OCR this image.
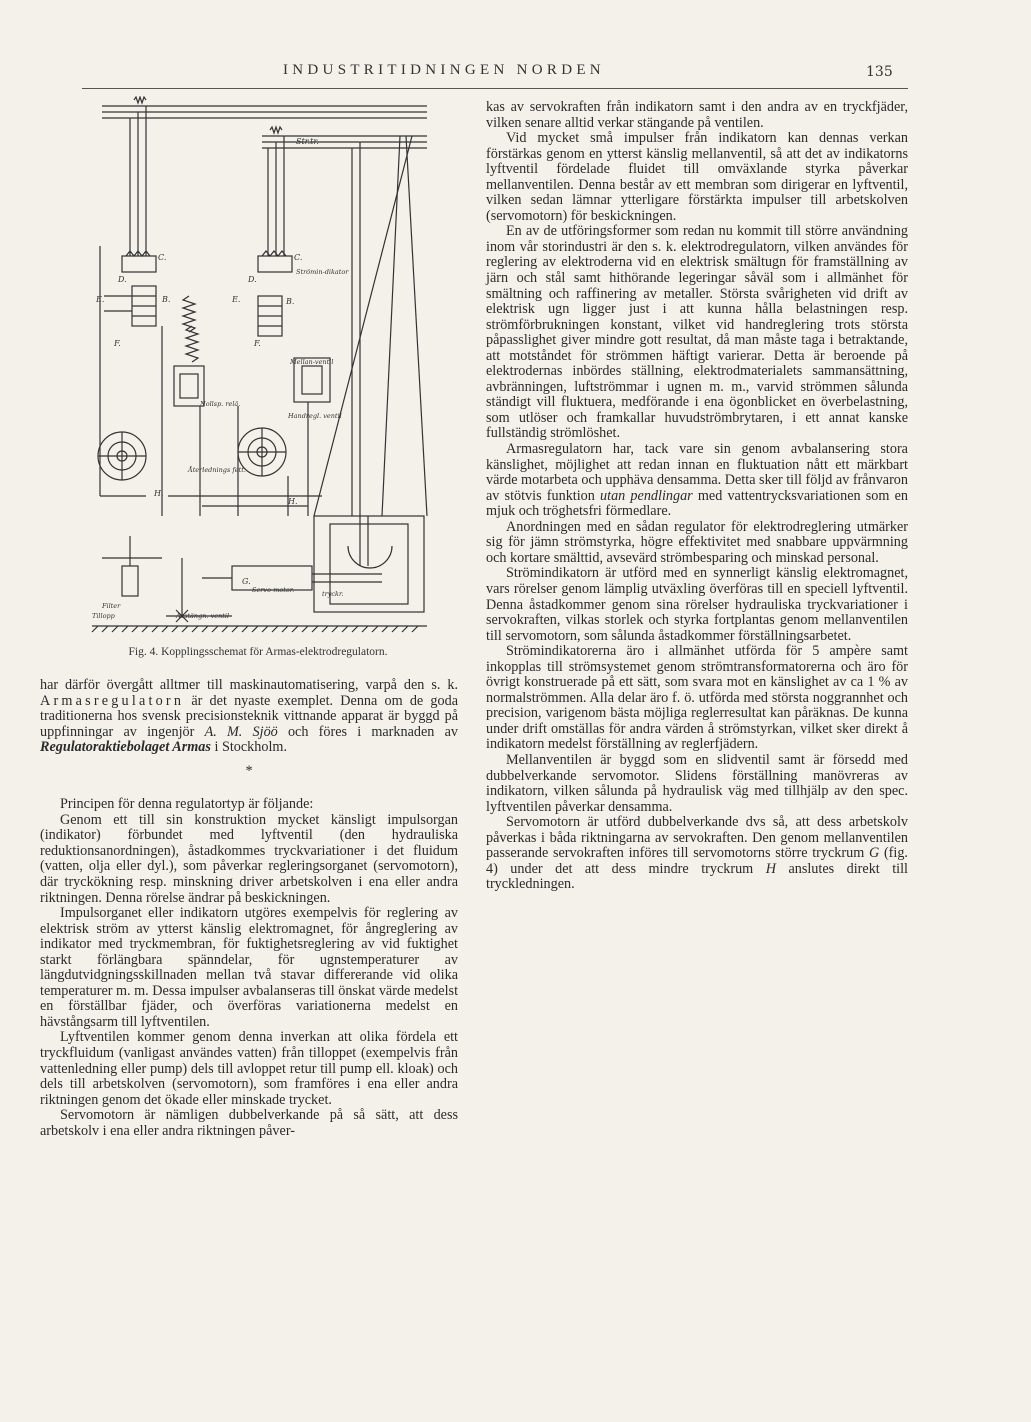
INDUSTRITIDNINGEN NORDEN	135
Str.tr.
C.	C.
Strömin-dikator
D.	D.
E.	E.
B.	B.
F.	F.
Mellan-ventil
Nollsp. relä.
Handregl. ventil
Återlednings fett.
H.
H.
G.
Servo-motor.
Filter
Tillopp	Avstängn. ventil
tryckr.
Fig. 4. Kopplingsschemat för Armas-elektrodregulatorn.

har därför övergått alltmer till maskinautomatisering, varpå den s. k. Armasregulatorn är det nyaste exemplet. Denna om de goda traditionerna hos svensk precisionsteknik vittnande apparat är byggd på uppfinningar av ingenjör A. M. Sjöö och föres i marknaden av Regulatoraktiebolaget Armas i Stockholm.

*

Principen för denna regulatortyp är följande:

Genom ett till sin konstruktion mycket känsligt impulsorgan (indikator) förbundet med lyftventil (den hydrauliska reduktionsanordningen), åstadkommes tryckvariationer i det fluidum (vatten, olja eller dyl.), som påverkar regleringsorganet (servomotorn), där tryckökning resp. minskning driver arbetskolven i ena eller andra riktningen. Denna rörelse ändrar på beskickningen.

Impulsorganet eller indikatorn utgöres exempelvis för reglering av elektrisk ström av ytterst känslig elektromagnet, för ångreglering av indikator med tryckmembran, för fuktighetsreglering av vid fuktighet starkt förlängbara spänndelar, för ugnstemperaturer av längdutvidgningsskillnaden mellan två stavar differerande vid olika temperaturer m. m. Dessa impulser avbalanseras till önskat värde medelst en förställbar fjäder, och överföras variationerna medelst en hävstångsarm till lyftventilen.

Lyftventilen kommer genom denna inverkan att olika fördela ett tryckfluidum (vanligast användes vatten) från tilloppet (exempelvis från vattenledning eller pump) dels till avloppet retur till pump ell. kloak) och dels till arbetskolven (servomotorn), som framföres i ena eller andra riktningen genom det ökade eller minskade trycket.

Servomotorn är nämligen dubbelverkande på så sätt, att dess arbetskolv i ena eller andra riktningen påver-

kas av servokraften från indikatorn samt i den andra av en tryckfjäder, vilken senare alltid verkar stängande på ventilen.

Vid mycket små impulser från indikatorn kan dennas verkan förstärkas genom en ytterst känslig mellanventil, så att det av indikatorns lyftventil fördelade fluidet till omväxlande styrka påverkar mellanventilen. Denna består av ett membran som dirigerar en lyftventil, vilken sedan lämnar ytterligare förstärkta impulser till arbetskolven (servomotorn) för beskickningen.

En av de utföringsformer som redan nu kommit till större användning inom vår storindustri är den s. k. elektrodregulatorn, vilken användes för reglering av elektroderna vid en elektrisk smältugn för framställning av järn och stål samt hithörande legeringar såväl som i allmänhet för smältning och raffinering av metaller. Största svårigheten vid drift av elektrisk ugn ligger just i att kunna hålla belastningen resp. strömförbrukningen konstant, vilket vid handreglering trots största påpasslighet giver mindre gott resultat, då man måste taga i betraktande, att motståndet för strömmen häftigt varierar. Detta är beroende på elektrodernas inbördes ställning, elektrodmaterialets sammansättning, avbränningen, luftströmmar i ugnen m. m., varvid strömmen sålunda ständigt vill fluktuera, medförande i ena ögonblicket en överbelastning, som utlöser och framkallar huvudströmbrytaren, i ett annat kanske fullständig strömlöshet.

Armasregulatorn har, tack vare sin genom avbalansering stora känslighet, möjlighet att redan innan en fluktuation nått ett märkbart värde motarbeta och upphäva densamma. Detta sker till följd av frånvaron av stötvis funktion utan pendlingar med vattentrycksvariationen som en mjuk och tröghetsfri förmedlare.

Anordningen med en sådan regulator för elektrodreglering utmärker sig för jämn strömstyrka, högre effektivitet med snabbare uppvärmning och kortare smälttid, avsevärd strömbesparing och minskad personal.

Strömindikatorn är utförd med en synnerligt känslig elektromagnet, vars rörelser genom lämplig utväxling överföras till en speciell lyftventil. Denna åstadkommer genom sina rörelser hydrauliska tryckvariationer i servokraften, vilkas storlek och styrka fortplantas genom mellanventilen till servomotorn, som sålunda åstadkommer förställningsarbetet.

Strömindikatorerna äro i allmänhet utförda för 5 ampère samt inkopplas till strömsystemet genom strömtransformatorerna och äro för övrigt konstruerade på ett sätt, som svara mot en känslighet av ca 1 % av normalströmmen. Alla delar äro f. ö. utförda med största noggrannhet och precision, varigenom bästa möjliga reglerresultat kan påräknas. De kunna under drift omställas för andra värden å strömstyrkan, vilket sker direkt å indikatorn medelst förställning av reglerfjädern.

Mellanventilen är byggd som en slidventil samt är försedd med dubbelverkande servomotor. Slidens förställning manövreras av indikatorn, vilken sålunda på hydraulisk väg med tillhjälp av den spec. lyftventilen påverkar densamma.

Servomotorn är utförd dubbelverkande dvs så, att dess arbetskolv påverkas i båda riktningarna av servokraften. Den genom mellanventilen passerande servokraften införes till servomotorns större tryckrum G (fig. 4) under det att dess mindre tryckrum H anslutes direkt till tryckledningen.
